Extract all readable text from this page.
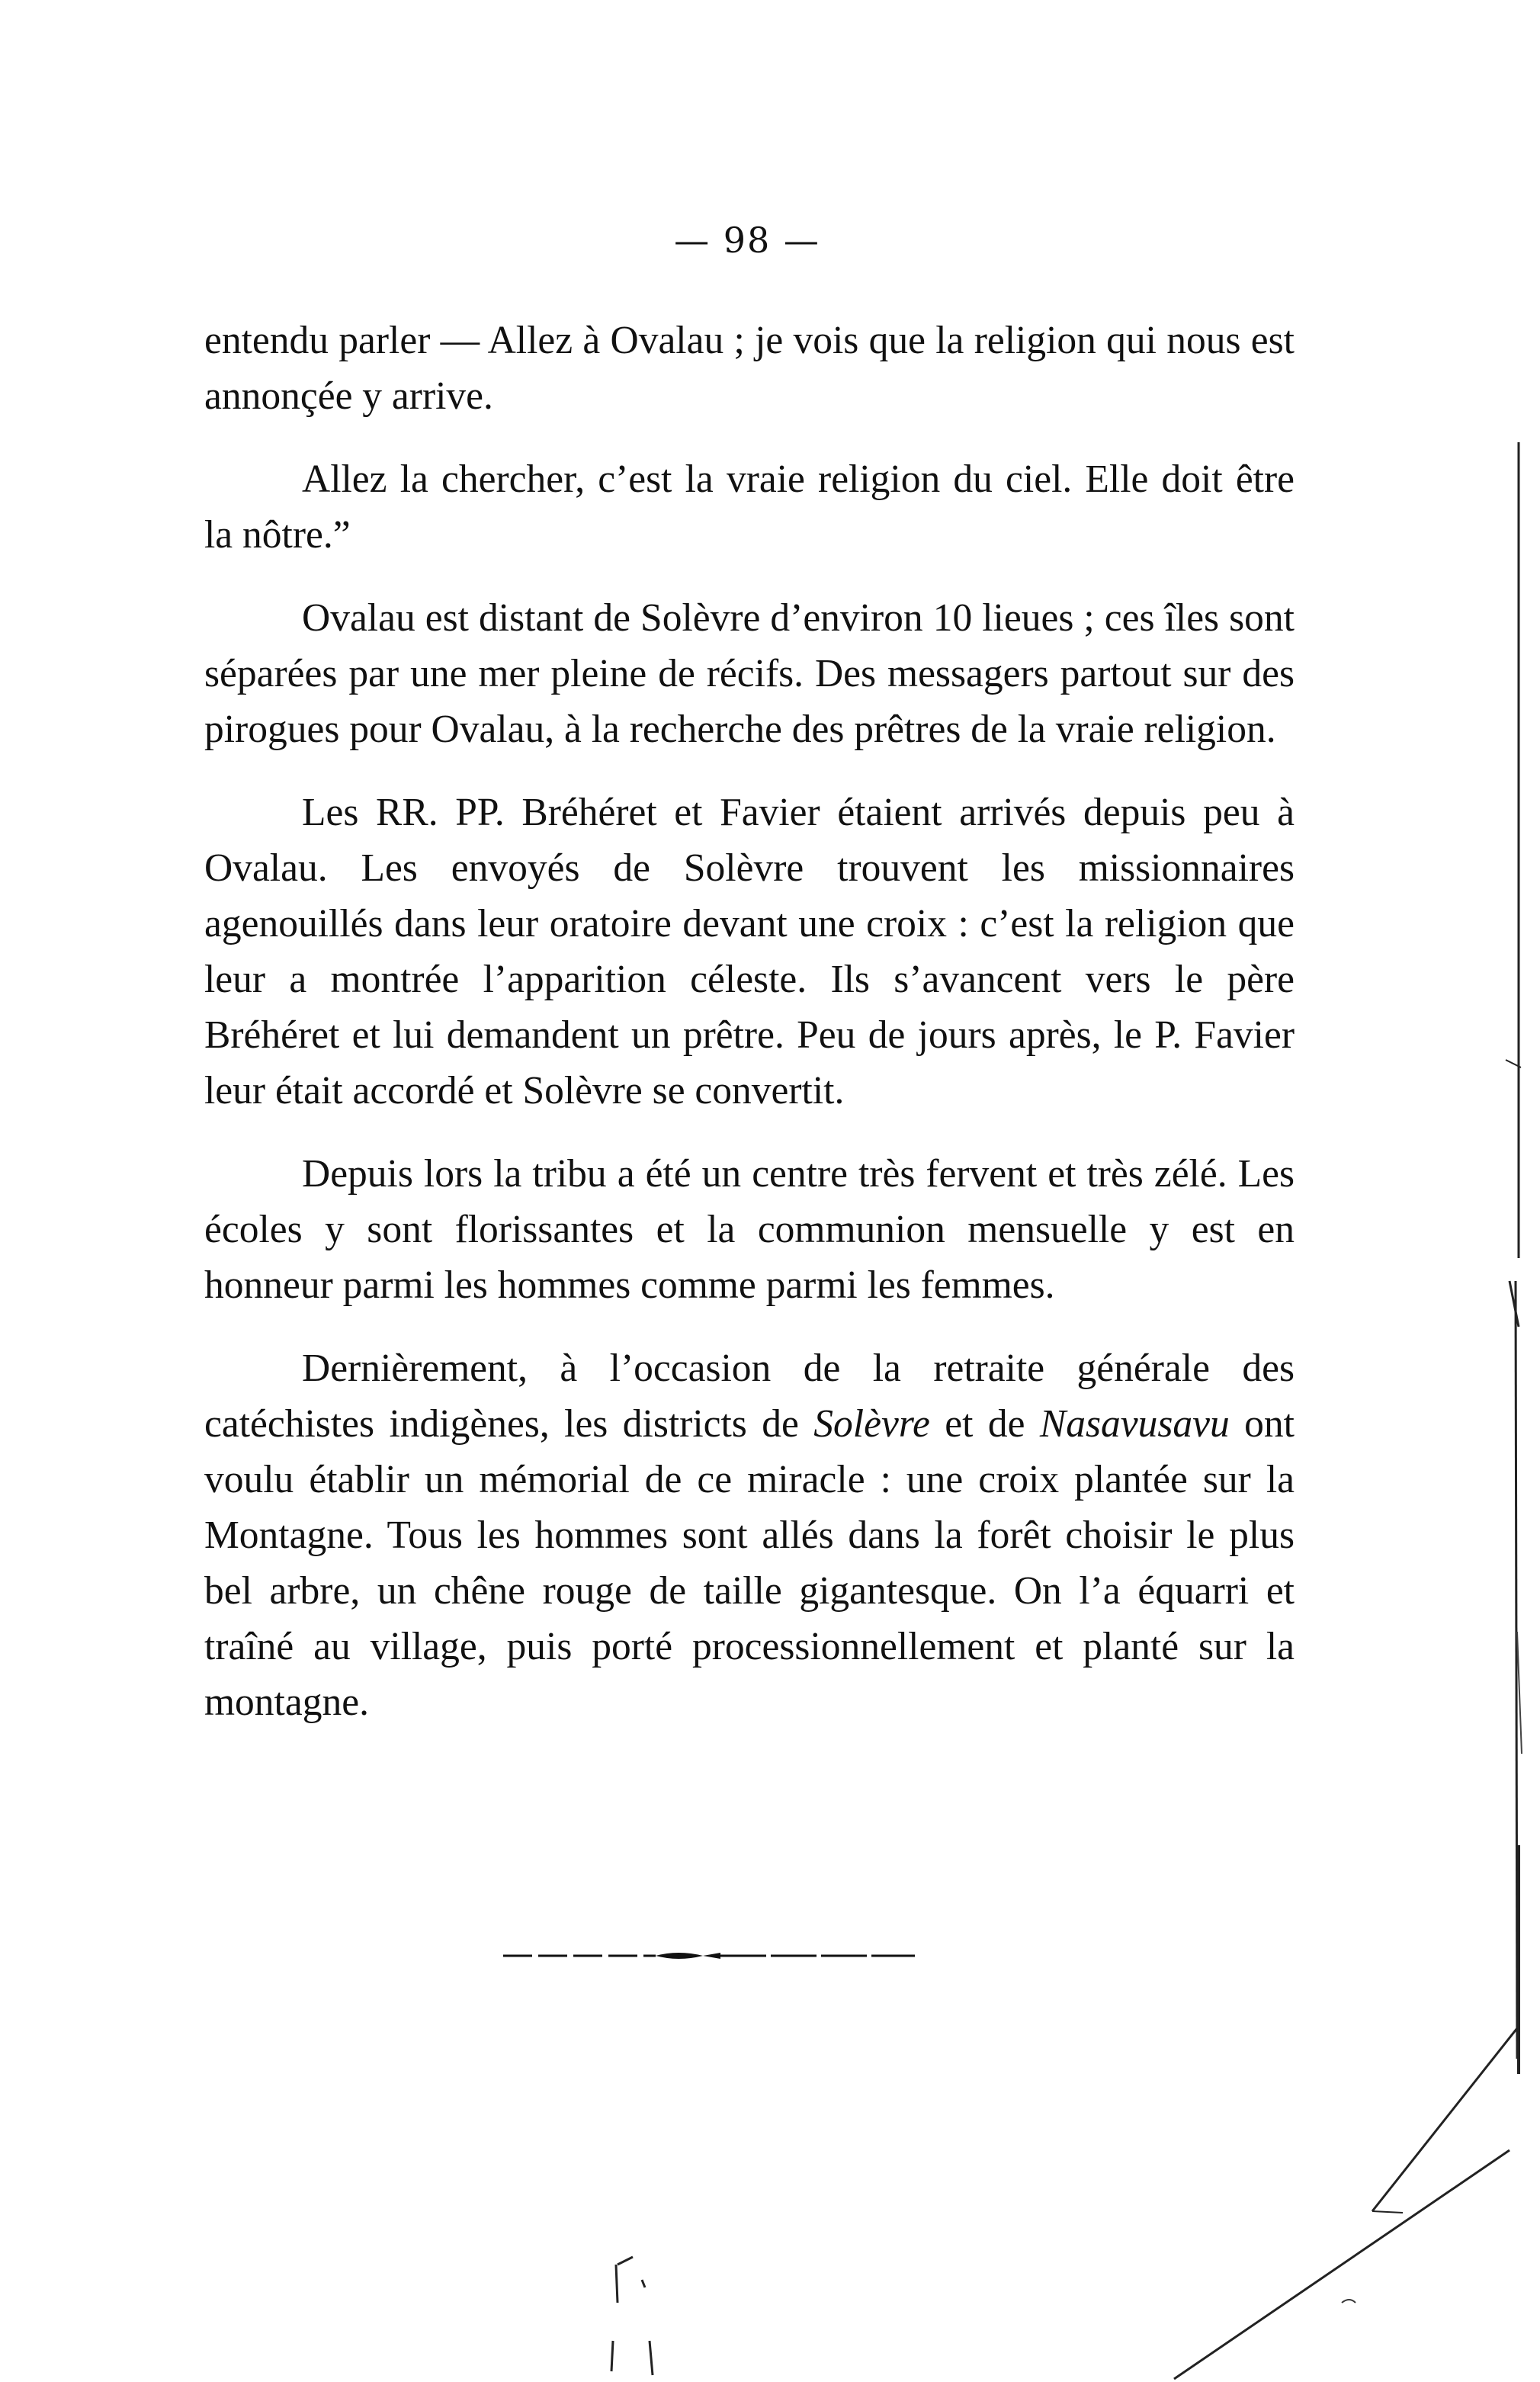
— 98 —

entendu parler — Allez à Ovalau ; je vois que la religion qui nous est annonçée y arrive.

Allez la chercher, c’est la vraie religion du ciel. Elle doit être la nôtre.”

Ovalau est distant de Solèvre d’environ 10 lieues ; ces îles sont séparées par une mer pleine de récifs. Des messagers partout sur des pirogues pour Ovalau, à la recherche des prêtres de la vraie religion.

Les RR. PP. Bréhéret et Favier étaient arrivés depuis peu à Ovalau. Les envoyés de Solèvre trouvent les missionnaires agenouillés dans leur oratoire devant une croix : c’est la religion que leur a montrée l’apparition céleste. Ils s’avancent vers le père Bréhéret et lui demandent un prêtre. Peu de jours après, le P. Favier leur était accordé et Solèvre se convertit.

Depuis lors la tribu a été un centre très fervent et très zélé. Les écoles y sont florissantes et la communion mensuelle y est en honneur parmi les hommes comme parmi les femmes.

Dernièrement, à l’occasion de la retraite générale des catéchistes indigènes, les districts de Solèvre et de Nasavusavu ont voulu établir un mémorial de ce miracle : une croix plantée sur la Montagne. Tous les hommes sont allés dans la forêt choisir le plus bel arbre, un chêne rouge de taille gigantesque. On l’a équarri et traîné au village, puis porté processionnellement et planté sur la montagne.
